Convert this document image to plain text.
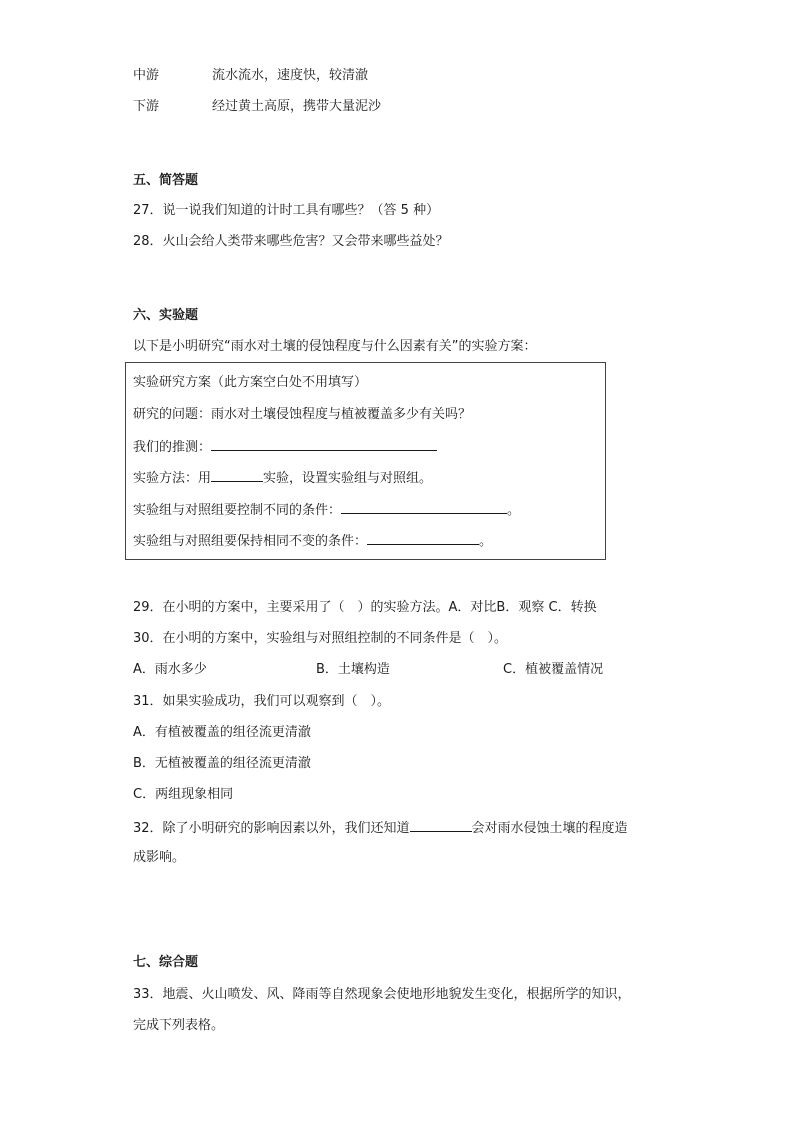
中游	流水流水，速度快，较清澈
下游	经过黄土高原，携带大量泥沙
五、简答题
27．说一说我们知道的计时工具有哪些？（答 5 种）
28．火山会给人类带来哪些危害？又会带来哪些益处？
六、实验题
以下是小明研究“雨水对土壤的侵蚀程度与什么因素有关”的实验方案：
实验研究方案（此方案空白处不用填写）
研究的问题：雨水对土壤侵蚀程度与植被覆盖多少有关吗？
我们的推测：
实验方法：用	实验，设置实验组与对照组。
实验组与对照组要控制不同的条件：	。
实验组与对照组要保持相同不变的条件：	。
29．在小明的方案中，主要采用了（　）的实验方法。A．对比B．观察 C．转换
30．在小明的方案中，实验组与对照组控制的不同条件是（　）。
A．雨水多少	B．土壤构造	C．植被覆盖情况
31．如果实验成功，我们可以观察到（　）。
A．有植被覆盖的组径流更清澈
B．无植被覆盖的组径流更清澈
C．两组现象相同
32．除了小明研究的影响因素以外，我们还知道	会对雨水侵蚀土壤的程度造
成影响。
七、综合题
33．地震、火山喷发、风、降雨等自然现象会使地形地貌发生变化，根据所学的知识，
完成下列表格。
